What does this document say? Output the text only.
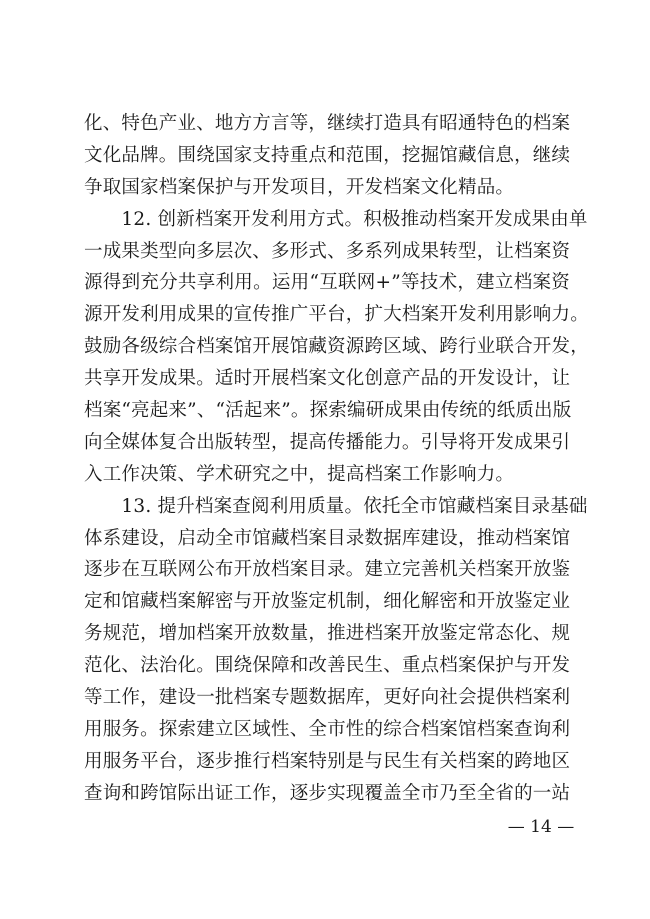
化、特色产业、地方方言等，继续打造具有昭通特色的档案
文化品牌。围绕国家支持重点和范围，挖掘馆藏信息，继续
争取国家档案保护与开发项目，开发档案文化精品。
　　12. 创新档案开发利用方式。积极推动档案开发成果由单
一成果类型向多层次、多形式、多系列成果转型，让档案资
源得到充分共享利用。运用“互联网+”等技术，建立档案资
源开发利用成果的宣传推广平台，扩大档案开发利用影响力。
鼓励各级综合档案馆开展馆藏资源跨区域、跨行业联合开发，
共享开发成果。适时开展档案文化创意产品的开发设计，让
档案“亮起来”、“活起来”。探索编研成果由传统的纸质出版
向全媒体复合出版转型，提高传播能力。引导将开发成果引
入工作决策、学术研究之中，提高档案工作影响力。
　　13. 提升档案查阅利用质量。依托全市馆藏档案目录基础
体系建设，启动全市馆藏档案目录数据库建设，推动档案馆
逐步在互联网公布开放档案目录。建立完善机关档案开放鉴
定和馆藏档案解密与开放鉴定机制，细化解密和开放鉴定业
务规范，增加档案开放数量，推进档案开放鉴定常态化、规
范化、法治化。围绕保障和改善民生、重点档案保护与开发
等工作，建设一批档案专题数据库，更好向社会提供档案利
用服务。探索建立区域性、全市性的综合档案馆档案查询利
用服务平台，逐步推行档案特别是与民生有关档案的跨地区
查询和跨馆际出证工作，逐步实现覆盖全市乃至全省的一站
— 14 —
